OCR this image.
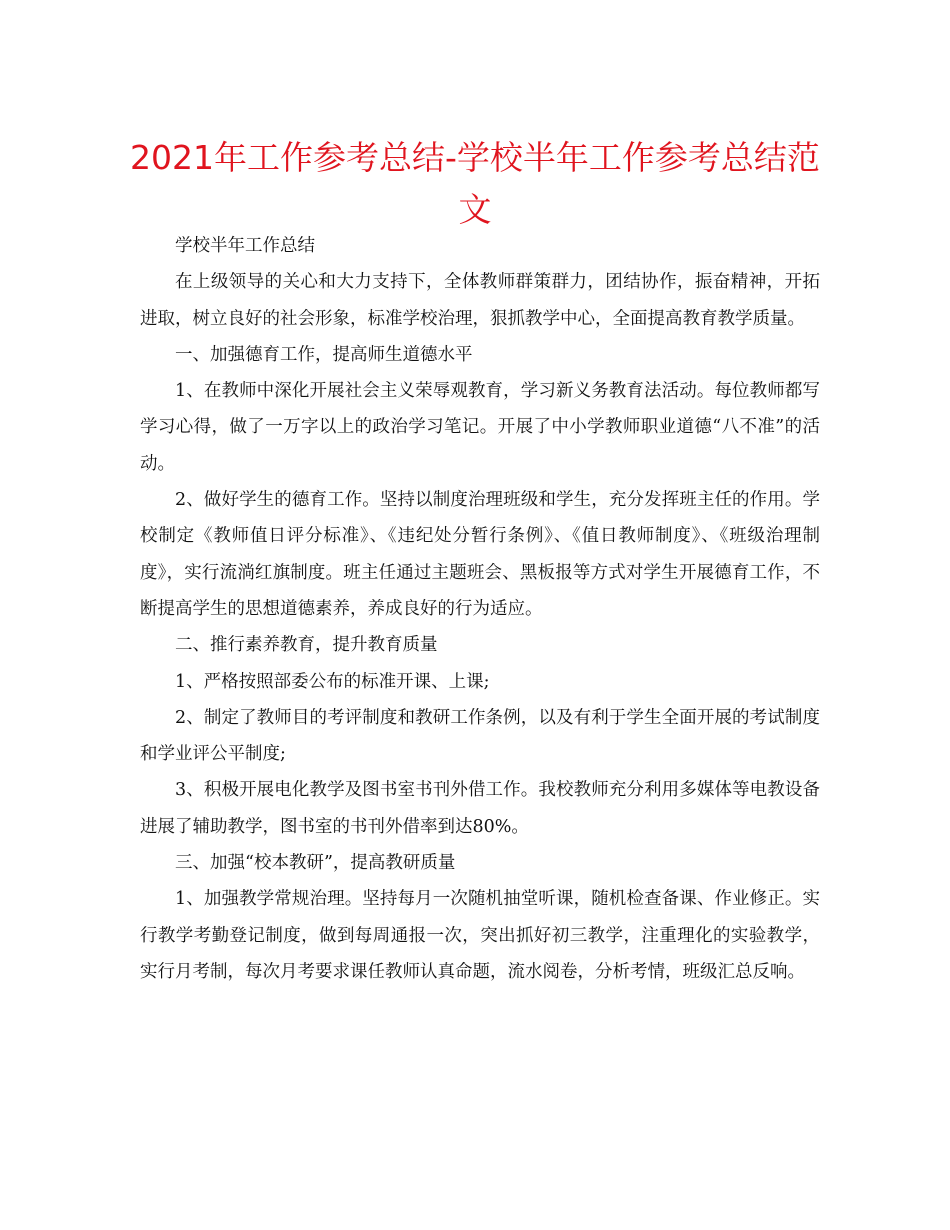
2021年工作参考总结-学校半年工作参考总结范文

学校半年工作总结

在上级领导的关心和大力支持下，全体教师群策群力，团结协作，振奋精神，开拓进取，树立良好的社会形象，标准学校治理，狠抓教学中心，全面提高教育教学质量。

一、加强德育工作，提高师生道德水平

1、在教师中深化开展社会主义荣辱观教育，学习新义务教育法活动。每位教师都写学习心得，做了一万字以上的政治学习笔记。开展了中小学教师职业道德“八不准”的活动。

2、做好学生的德育工作。坚持以制度治理班级和学生，充分发挥班主任的作用。学校制定《教师值日评分标准》、《违纪处分暂行条例》、《值日教师制度》、《班级治理制度》，实行流淌红旗制度。班主任通过主题班会、黑板报等方式对学生开展德育工作，不断提高学生的思想道德素养，养成良好的行为适应。

二、推行素养教育，提升教育质量

1、严格按照部委公布的标准开课、上课;

2、制定了教师目的考评制度和教研工作条例，以及有利于学生全面开展的考试制度和学业评公平制度;

3、积极开展电化教学及图书室书刊外借工作。我校教师充分利用多媒体等电教设备进展了辅助教学，图书室的书刊外借率到达80%。

三、加强“校本教研”，提高教研质量

1、加强教学常规治理。坚持每月一次随机抽堂听课，随机检查备课、作业修正。实行教学考勤登记制度，做到每周通报一次，突出抓好初三教学，注重理化的实验教学，实行月考制，每次月考要求课任教师认真命题，流水阅卷，分析考情，班级汇总反响。
